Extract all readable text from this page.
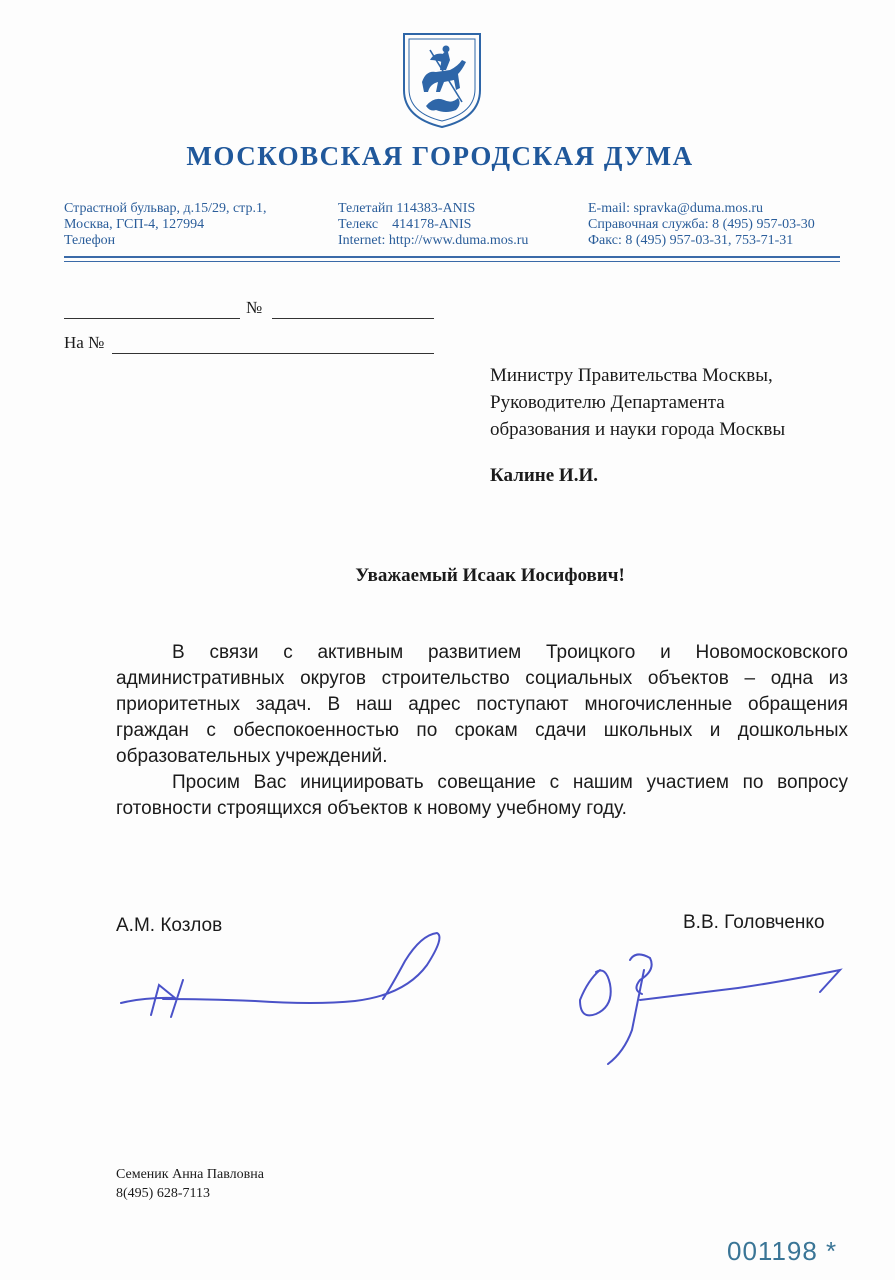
МОСКОВСКАЯ ГОРОДСКАЯ ДУМА
Страстной бульвар, д.15/29, стр.1,
Москва, ГСП-4, 127994
Телефон
Телетайп 114383-ANIS
Телекс    414178-ANIS
Internet: http://www.duma.mos.ru
E-mail: spravka@duma.mos.ru
Справочная служба: 8 (495) 957-03-30
Факс: 8 (495) 957-03-31, 753-71-31
№
На №
Министру Правительства Москвы,
Руководителю Департамента
образования и науки города Москвы
Калине И.И.
Уважаемый Исаак Иосифович!

В связи с активным развитием Троицкого и Новомосковского административных округов строительство социальных объектов – одна из приоритетных задач. В наш адрес поступают многочисленные обращения граждан с обеспокоенностью по срокам сдачи школьных и дошкольных образовательных учреждений.

Просим Вас инициировать совещание с нашим участием по вопросу готовности строящихся объектов к новому учебному году.

А.М. Козлов	В.В. Головченко
Семеник Анна Павловна
8(495) 628-7113
001198 *
